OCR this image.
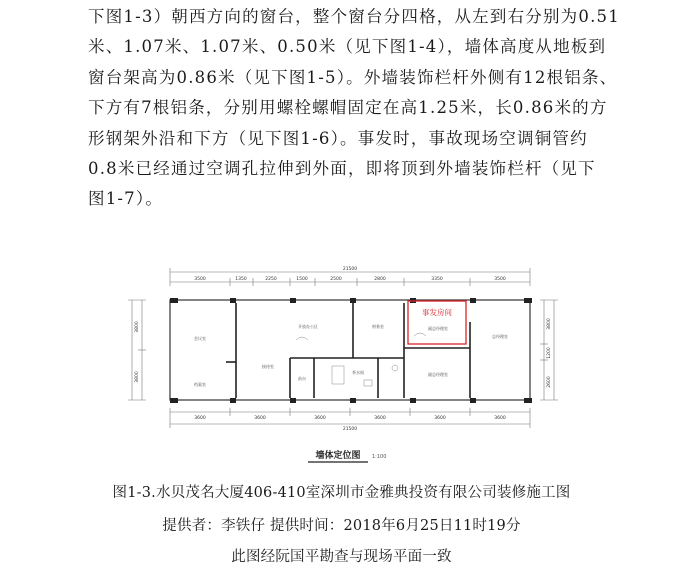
下图1-3）朝西方向的窗台，整个窗台分四格，从左到右分别为0.51

米、1.07米、1.07米、0.50米（见下图1-4），墙体高度从地板到

窗台架高为0.86米（见下图1-5）。外墙装饰栏杆外侧有12根铝条、

下方有7根铝条，分别用螺栓螺帽固定在高1.25米，长0.86米的方

形钢架外沿和下方（见下图1-6）。事发时，事故现场空调铜管约

0.8米已经通过空调孔拉伸到外面，即将顶到外墙装饰栏杆（见下

图1-7）。

21500
3500	1350	2250	1500	2500	2800	3350	3500
3800
3800
3800
1200
2600
会议室
开放办公区	财务室	副总经理室
档案室
前台
茶水间
总经理室
副总经理室
接待室
事发房间
3600	3600	3600	3600	3600	3600
21500
墙体定位图 1:100
图1-3.水贝茂名大厦406-410室深圳市金雅典投资有限公司装修施工图
提供者：李铁仔 提供时间：2018年6月25日11时19分
此图经阮国平勘查与现场平面一致
